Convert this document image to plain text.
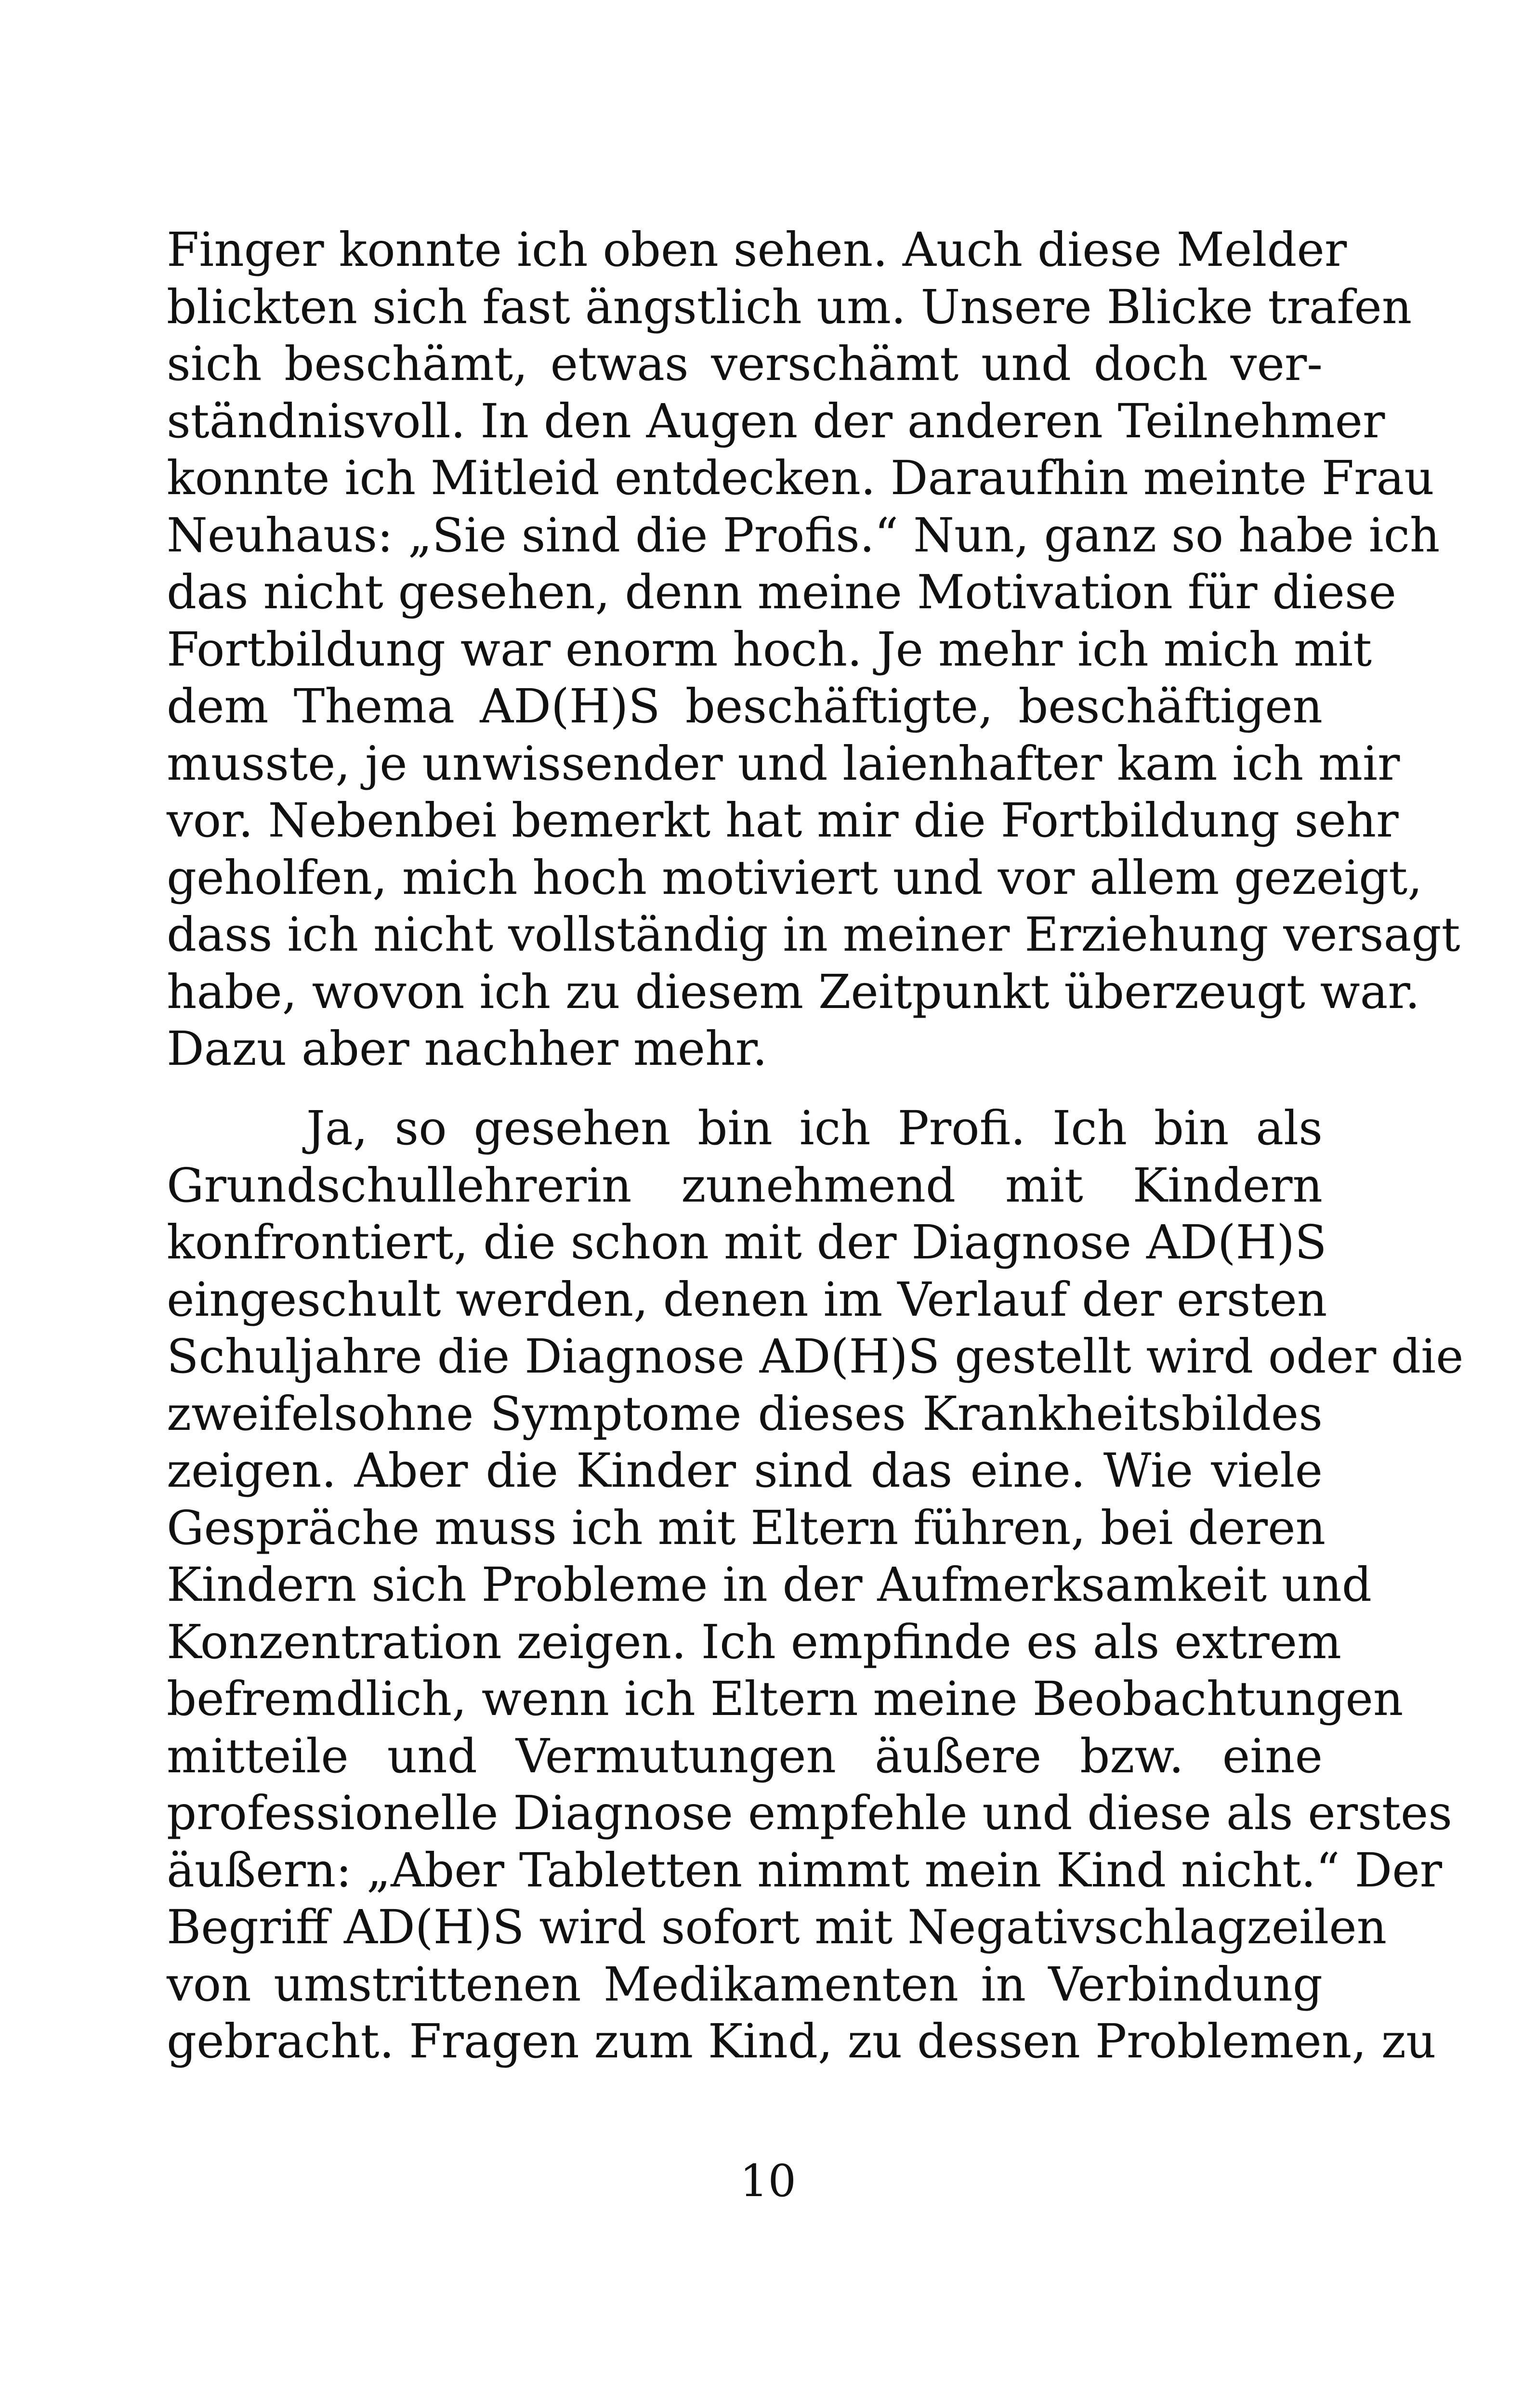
Finger konnte ich oben sehen. Auch diese Melder
blickten sich fast ängstlich um. Unsere Blicke trafen
sich beschämt, etwas verschämt und doch ver-
ständnisvoll. In den Augen der anderen Teilnehmer
konnte ich Mitleid entdecken. Daraufhin meinte Frau
Neuhaus: „Sie sind die Profis.“ Nun, ganz so habe ich
das nicht gesehen, denn meine Motivation für diese
Fortbildung war enorm hoch. Je mehr ich mich mit
dem Thema AD(H)S beschäftigte, beschäftigen
musste, je unwissender und laienhafter kam ich mir
vor. Nebenbei bemerkt hat mir die Fortbildung sehr
geholfen, mich hoch motiviert und vor allem gezeigt,
dass ich nicht vollständig in meiner Erziehung versagt
habe, wovon ich zu diesem Zeitpunkt überzeugt war.
Dazu aber nachher mehr.
Ja, so gesehen bin ich Profi. Ich bin als
Grundschullehrerin zunehmend mit Kindern
konfrontiert, die schon mit der Diagnose AD(H)S
eingeschult werden, denen im Verlauf der ersten
Schuljahre die Diagnose AD(H)S gestellt wird oder die
zweifelsohne Symptome dieses Krankheitsbildes
zeigen. Aber die Kinder sind das eine. Wie viele
Gespräche muss ich mit Eltern führen, bei deren
Kindern sich Probleme in der Aufmerksamkeit und
Konzentration zeigen. Ich empfinde es als extrem
befremdlich, wenn ich Eltern meine Beobachtungen
mitteile und Vermutungen äußere bzw. eine
professionelle Diagnose empfehle und diese als erstes
äußern: „Aber Tabletten nimmt mein Kind nicht.“ Der
Begriff AD(H)S wird sofort mit Negativschlagzeilen
von umstrittenen Medikamenten in Verbindung
gebracht. Fragen zum Kind, zu dessen Problemen, zu
10
